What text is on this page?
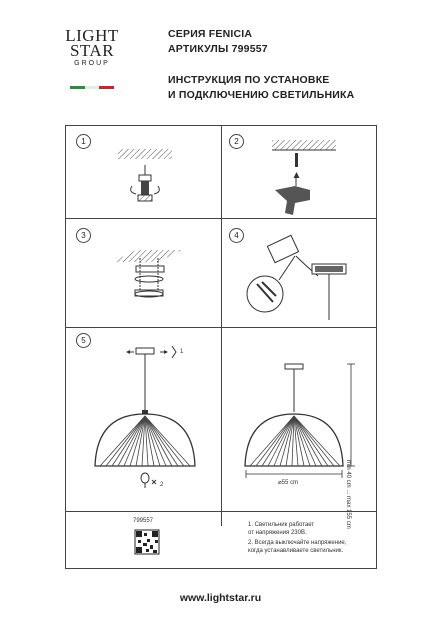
LIGHT
STAR
GROUP
СЕРИЯ FENICIA
АРТИКУЛЫ 799557
ИНСТРУКЦИЯ ПО УСТАНОВКЕ
И ПОДКЛЮЧЕНИЮ СВЕТИЛЬНИКА
1	2
3	4
5
1
2	⌀55 cm	min 40 cm ... max 155 cm
799557
1. Светильник работает
от напряжения 230В.
2. Всегда выключайте напряжение,
когда устанавливаете светильник.
www.lightstar.ru
